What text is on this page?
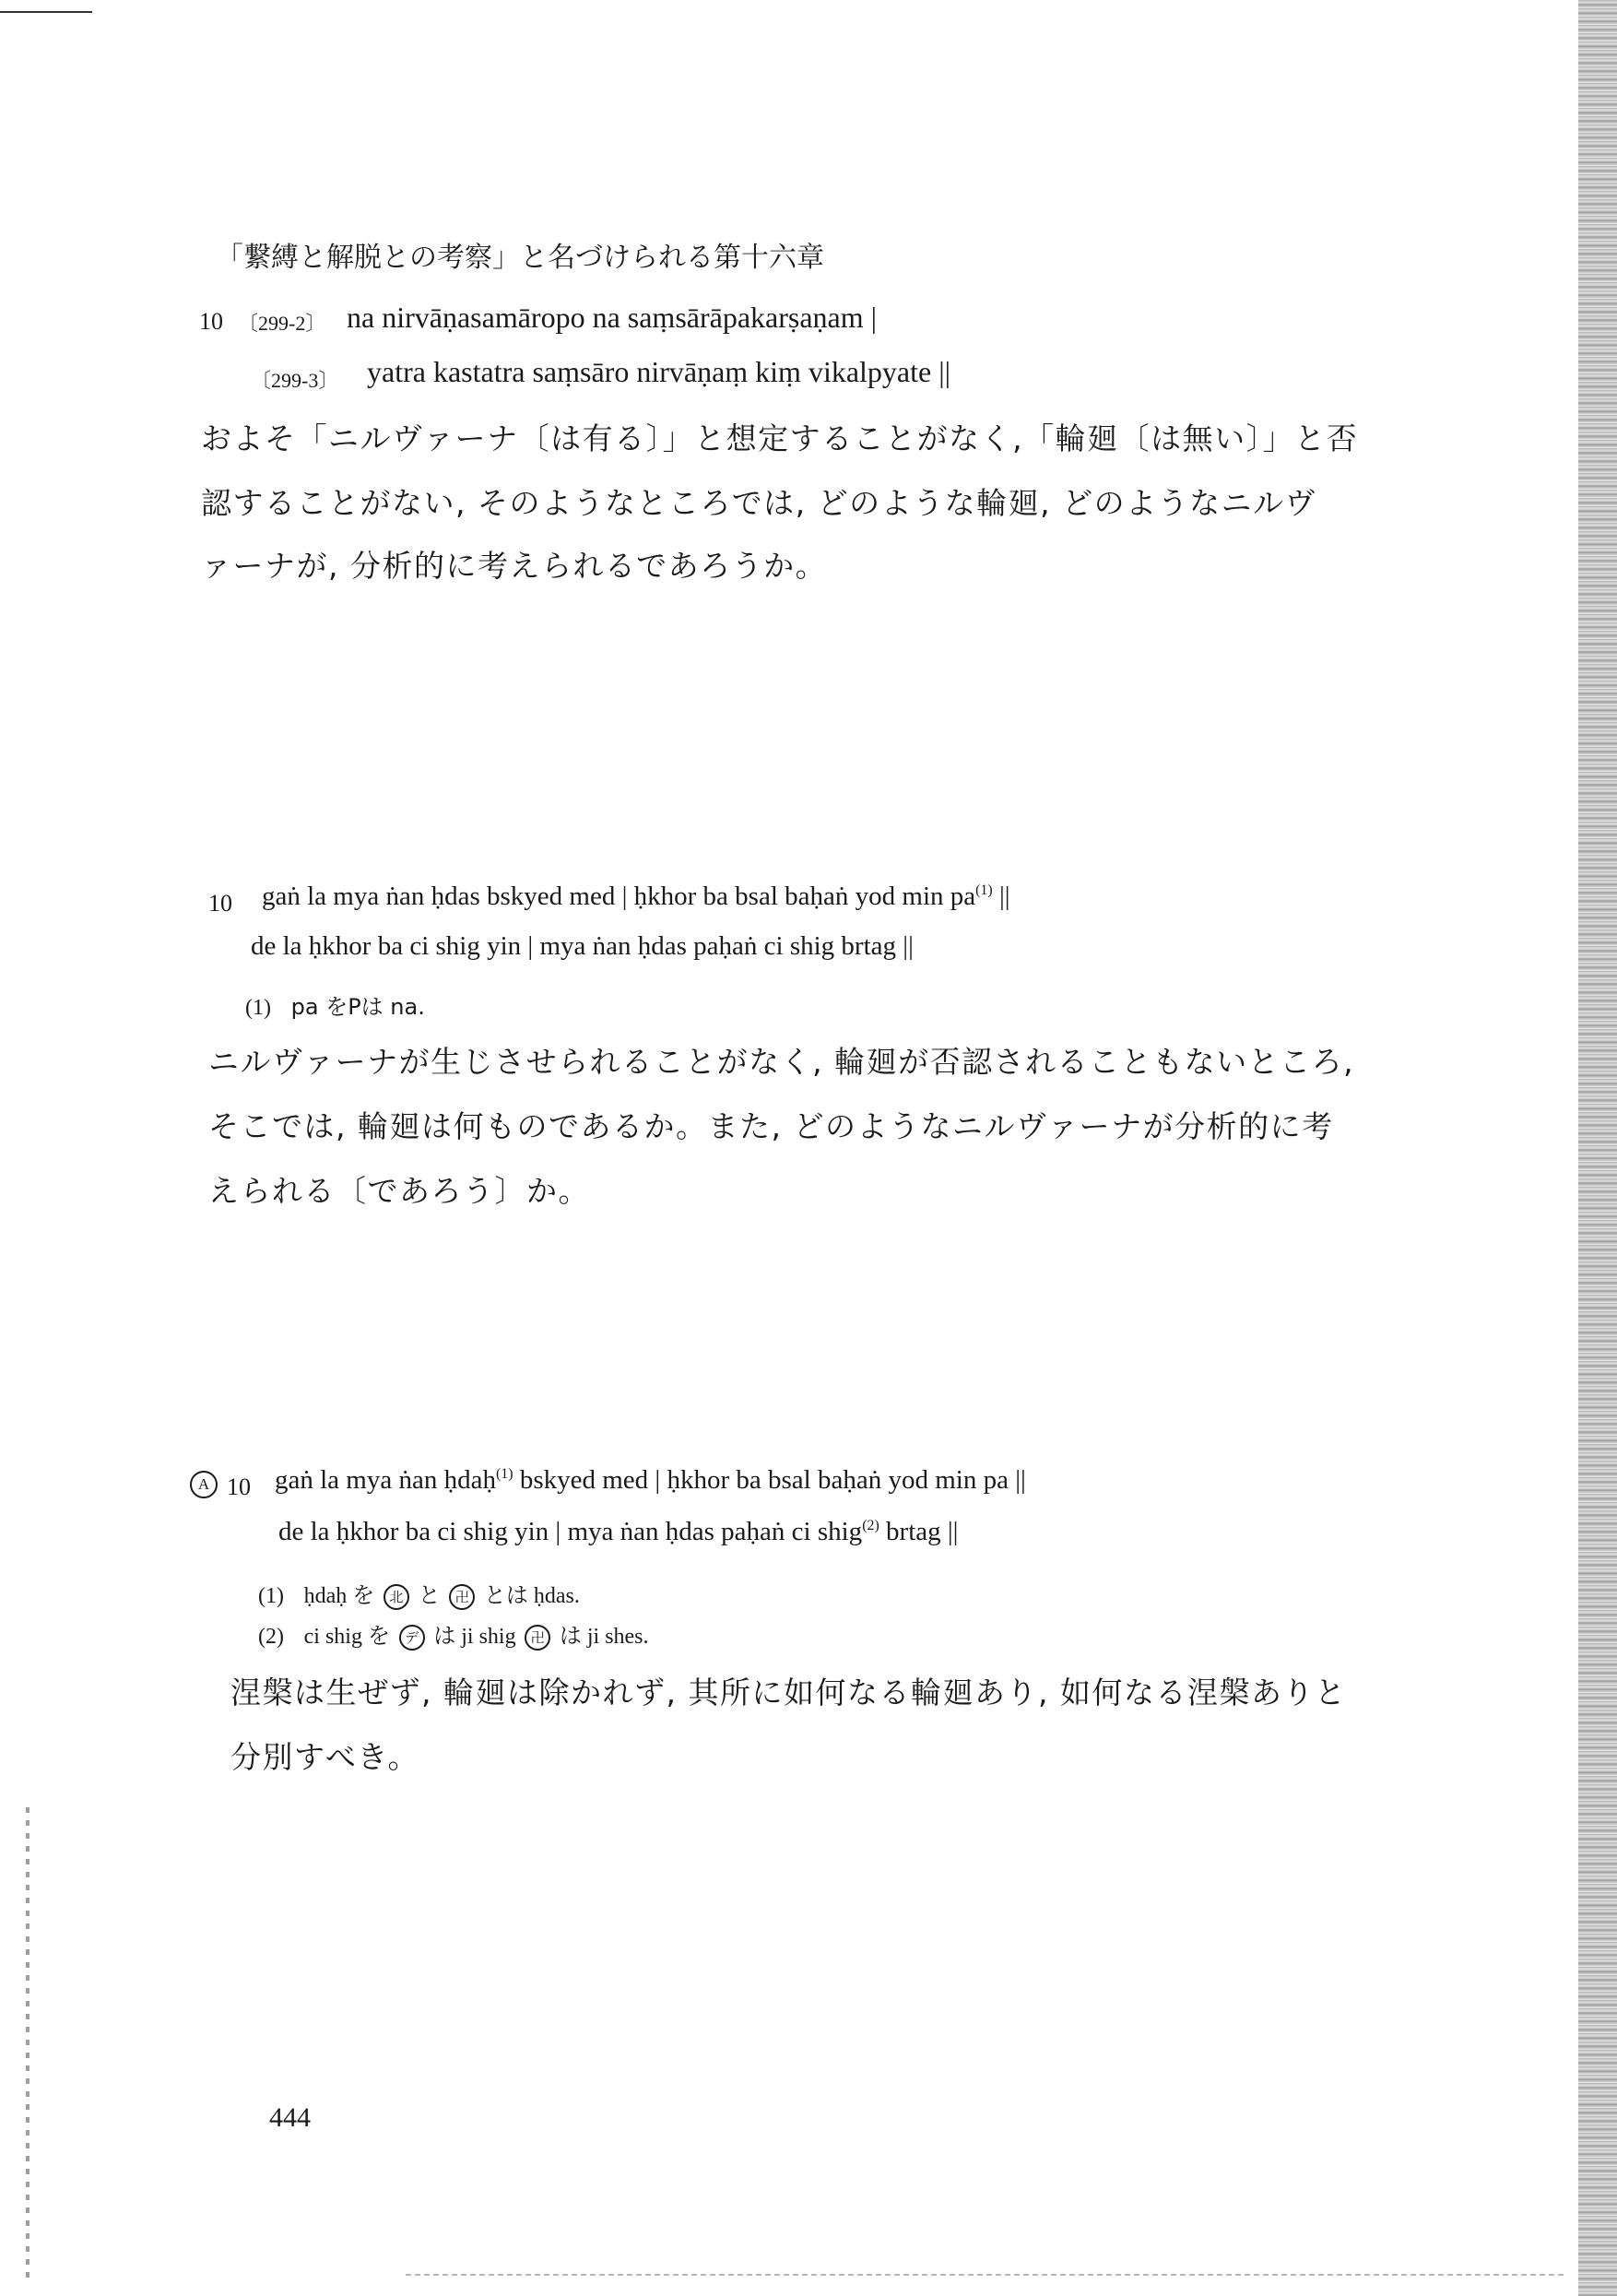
「繋縛と解脱との考察」と名づけられる第十六章
10 〔299-2〕 na nirvāṇasamāropo na saṃsārāpakarṣaṇam |
〔299-3〕 yatra kastatra saṃsāro nirvāṇaṃ kiṃ vikalpyate ||
およそ「ニルヴァーナ〔は有る〕」と想定することがなく,「輪廻〔は無い〕」と否
認することがない, そのようなところでは, どのような輪廻, どのようなニルヴ
ァーナが, 分析的に考えられるであろうか。
10 gaṅ la mya ṅan ḥdas bskyed med | ḥkhor ba bsal baḥaṅ yod $\min pa^{(1)}$ ||
de la ḥkhor ba ci shig yin | mya ṅan ḥdas paḥaṅ ci shig brtag ||
(1) pa をPは na.
ニルヴァーナが生じさせられることがなく, 輪廻が否認されることもないところ,
そこでは, 輪廻は何ものであるか。また, どのようなニルヴァーナが分析的に考
えられる〔であろう〕か。
A 10 gaṅ la mya ṅan ḥdaḥ$^{(1)}$ bskyed med | ḥkhor ba bsal baḥaṅ yod min pa ||
de la ḥkhor ba ci shig yin | mya ṅan ḥdas paḥaṅ ci shig$^{(2)}$ brtag ||
(1) ḥdaḥ を 北 と 卍 とは ḥdas.
(2) ci shig を デ は ji shig 卍 は ji shes.
涅槃は生ぜず, 輪廻は除かれず, 其所に如何なる輪廻あり, 如何なる涅槃ありと
分別すべき。
444
